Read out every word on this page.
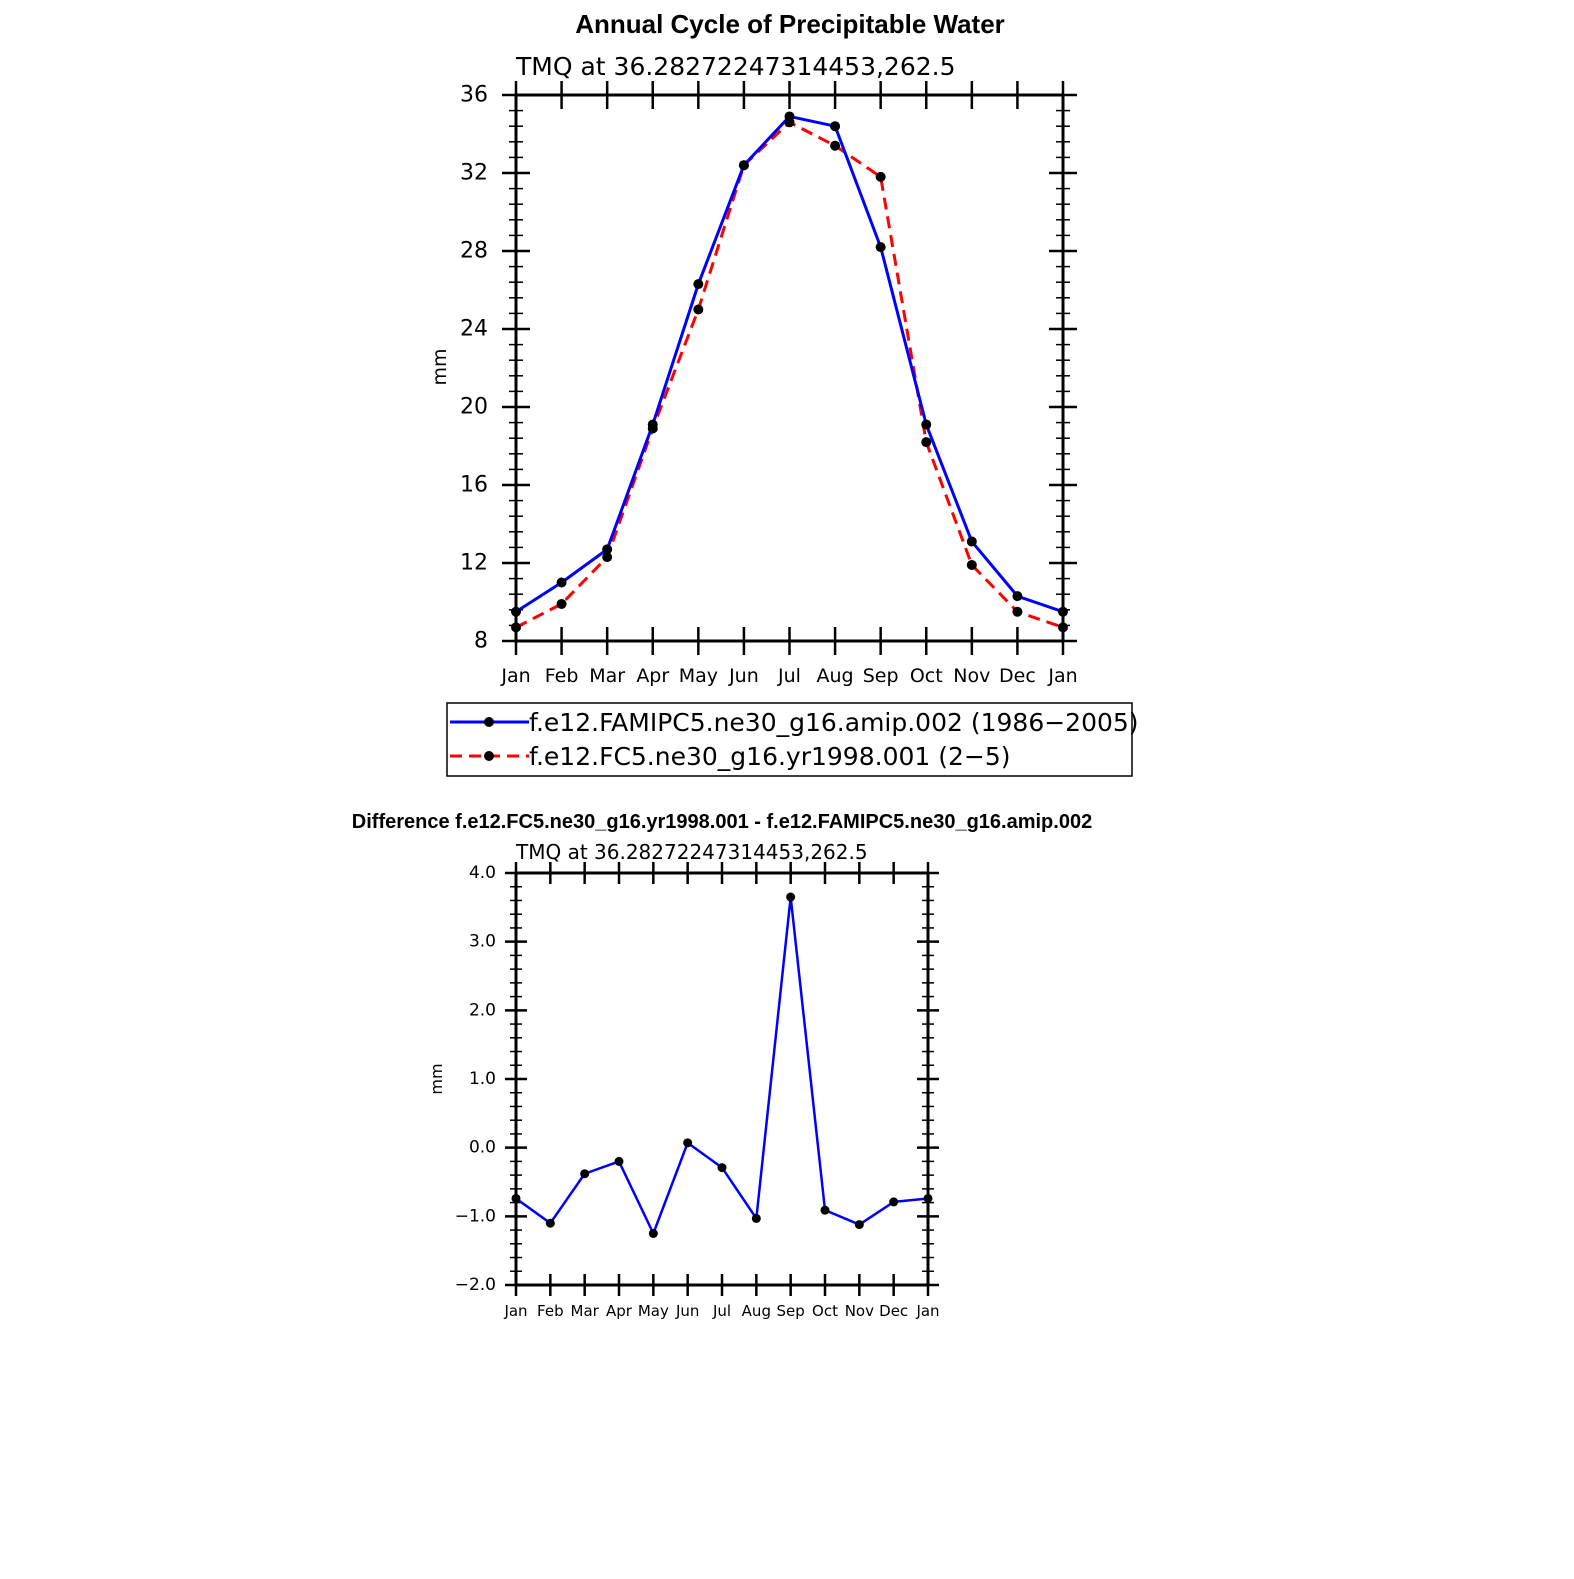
Annual Cycle of Precipitable Water
TMQ at 36.28272247314453,262.5
mm
8
12
16
20
24
28
32
36
Jan Feb Mar Apr May Jun Jul Aug Sep Oct Nov Dec Jan
f.e12.FAMIPC5.ne30_g16.amip.002 (1986−2005)
f.e12.FC5.ne30_g16.yr1998.001 (2−5)
Difference f.e12.FC5.ne30_g16.yr1998.001 - f.e12.FAMIPC5.ne30_g16.amip.002
TMQ at 36.28272247314453,262.5
mm
−2.0
−1.0
0.0
1.0
2.0
3.0
4.0
Jan Feb Mar Apr May Jun Jul Aug Sep Oct Nov Dec Jan
